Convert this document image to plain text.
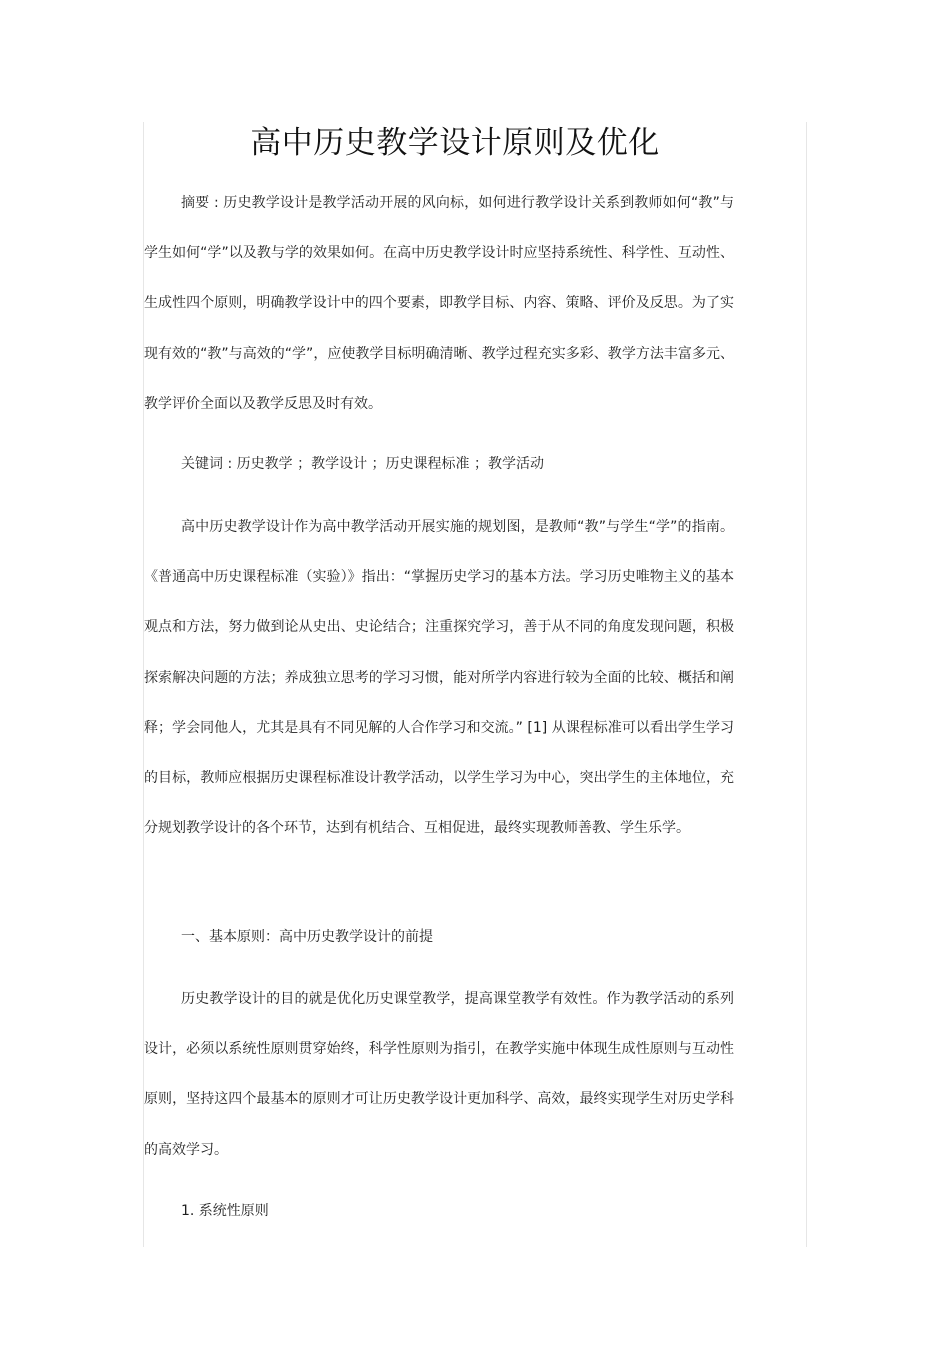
高中历史教学设计原则及优化

摘要 : 历史教学设计是教学活动开展的风向标，如何进行教学设计关系到教师如何“教”与学生如何“学”以及教与学的效果如何。在高中历史教学设计时应坚持系统性、科学性、互动性、生成性四个原则，明确教学设计中的四个要素，即教学目标、内容、策略、评价及反思。为了实现有效的“教”与高效的“学”，应使教学目标明确清晰、教学过程充实多彩、教学方法丰富多元、教学评价全面以及教学反思及时有效。

关键词 : 历史教学 ；教学设计 ；历史课程标准 ；教学活动

高中历史教学设计作为高中教学活动开展实施的规划图，是教师“教”与学生“学”的指南。《普通高中历史课程标准（实验）》指出：“掌握历史学习的基本方法。学习历史唯物主义的基本观点和方法，努力做到论从史出、史论结合；注重探究学习，善于从不同的角度发现问题，积极探索解决问题的方法；养成独立思考的学习习惯，能对所学内容进行较为全面的比较、概括和阐释；学会同他人，尤其是具有不同见解的人合作学习和交流。” [1] 从课程标准可以看出学生学习的目标，教师应根据历史课程标准设计教学活动，以学生学习为中心，突出学生的主体地位，充分规划教学设计的各个环节，达到有机结合、互相促进，最终实现教师善教、学生乐学。

一、基本原则：高中历史教学设计的前提

历史教学设计的目的就是优化历史课堂教学，提高课堂教学有效性。作为教学活动的系列设计，必须以系统性原则贯穿始终，科学性原则为指引，在教学实施中体现生成性原则与互动性原则，坚持这四个最基本的原则才可让历史教学设计更加科学、高效，最终实现学生对历史学科的高效学习。

1. 系统性原则
